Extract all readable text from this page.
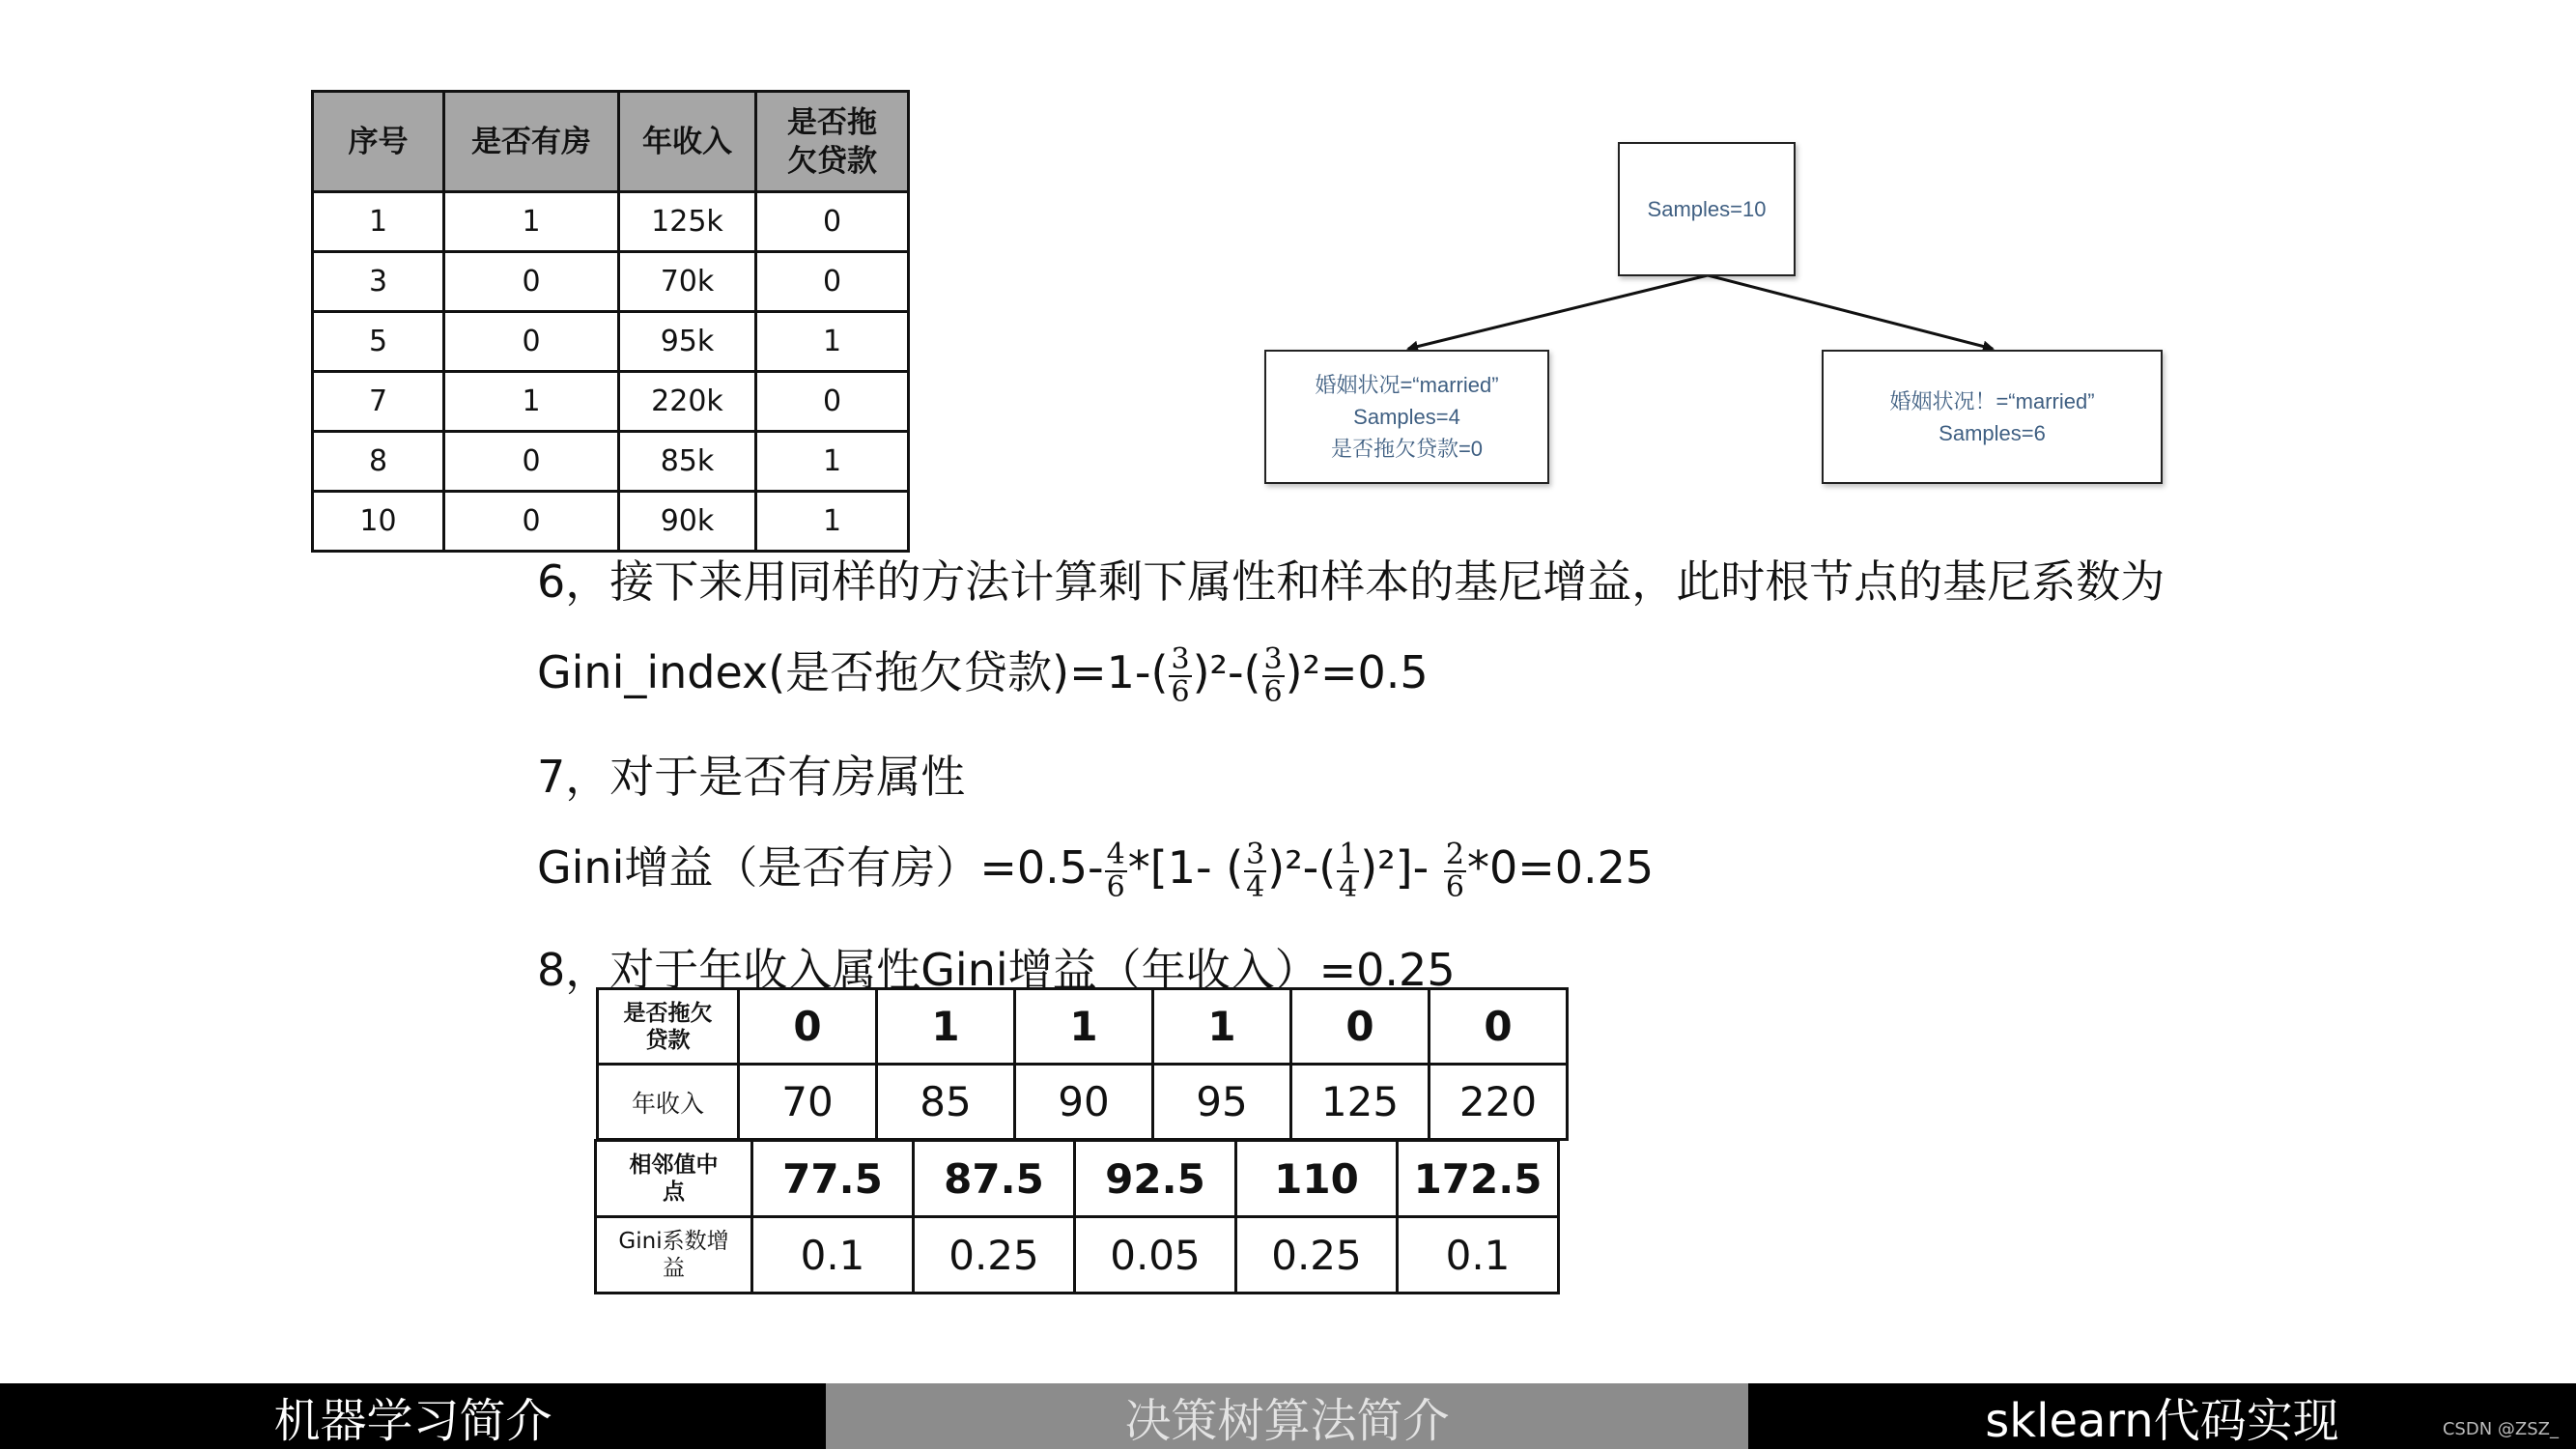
序号	是否有房	年收入	是否拖
欠贷款
1	1	125k	0
3	0	70k	0
5	0	95k	1
7	1	220k	0
8	0	85k	1
10	0	90k	1
Samples=10
婚姻状况=“married”
Samples=4
是否拖欠贷款=0
婚姻状况！=“married”
Samples=6
6，接下来用同样的方法计算剩下属性和样本的基尼增益，此时根节点的基尼系数为
Gini_index(是否拖欠贷款)$=1-( \frac{3}{6} )^2-( \frac{3}{6} )^2=0.5$
7，对于是否有房属性
Gini增益（是否有房）$=0.5- \frac{4}{6} *[1-$ ( $\frac{3}{4} )^2-( \frac{1}{4} )^2]- \frac{2}{6} *0=0.25$
8，对于年收入属性Gini增益（年收入）=0.25
是否拖欠
贷款	0	1	1	1	0	0
年收入	70	85	90	95	125	220
相邻值中
点	77.5	87.5	92.5	110	172.5
Gini系数增
益	0.1	0.25	0.05	0.25	0.1
机器学习简介	决策树算法简介	sklearn代码实现	CSDN @ZSZ_
